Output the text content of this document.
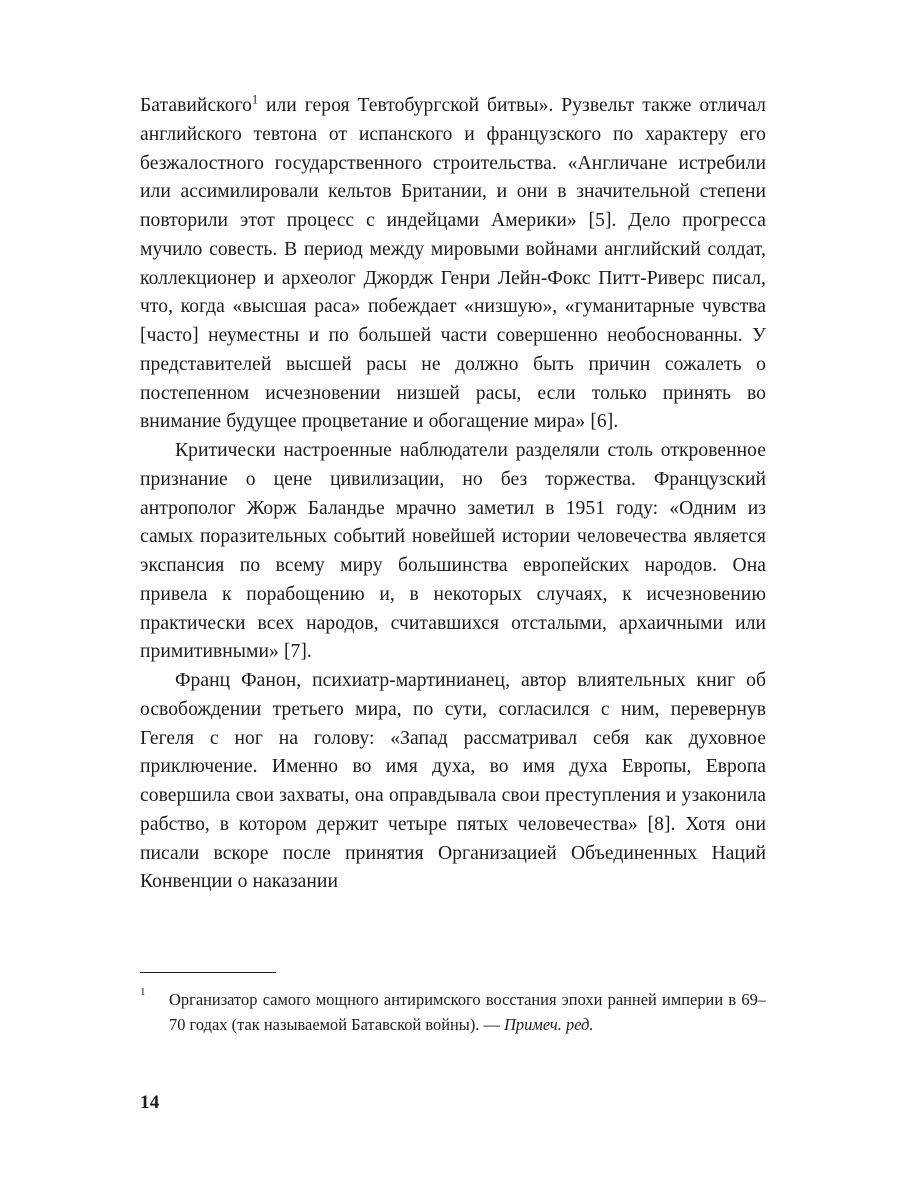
Батавийского$^1$ или героя Тевтобургской битвы». Рузвельт также отличал английского тевтона от испанского и французского по характеру его безжалостного государственного строительства. «Англичане истребили или ассимилировали кельтов Британии, и они в значительной степени повторили этот процесс с индейцами Америки» [5]. Дело прогресса мучило совесть. В период между мировыми войнами английский солдат, коллекционер и археолог Джордж Генри Лейн-Фокс Питт-Риверс писал, что, когда «высшая раса» побеждает «низшую», «гуманитарные чувства [часто] неуместны и по большей части совершенно необоснованны. У представителей высшей расы не должно быть причин сожалеть о постепенном исчезновении низшей расы, если только принять во внимание будущее процветание и обогащение мира» [6].

Критически настроенные наблюдатели разделяли столь откровенное признание о цене цивилизации, но без торжества. Французский антрополог Жорж Баландье мрачно заметил в 1951 году: «Одним из самых поразительных событий новейшей истории человечества является экспансия по всему миру большинства европейских народов. Она привела к порабощению и, в некоторых случаях, к исчезновению практически всех народов, считавшихся отсталыми, архаичными или примитивными» [7].

Франц Фанон, психиатр-мартинианец, автор влиятельных книг об освобождении третьего мира, по сути, согласился с ним, перевернув Гегеля с ног на голову: «Запад рассматривал себя как духовное приключение. Именно во имя духа, во имя духа Европы, Европа совершила свои захваты, она оправдывала свои преступления и узаконила рабство, в котором держит четыре пятых человечества» [8]. Хотя они писали вскоре после принятия Организацией Объединенных Наций Конвенции о наказании

1 Организатор самого мощного антиримского восстания эпохи ранней империи в 69–70 годах (так называемой Батавской войны). — Примеч. ред.
14
